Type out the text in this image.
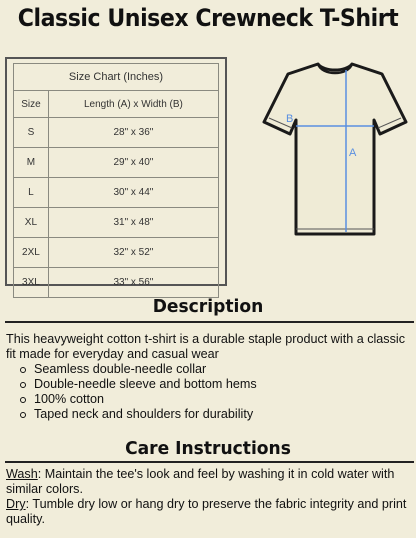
Classic Unisex Crewneck T-Shirt
Size Chart (Inches)	
Size	Length (A) x Width (B)
S	28" x 36"
M	29" x 40"
L	30" x 44"
XL	31" x 48"
2XL	32" x 52"
3XL	33" x 56"
B
A
Description

This heavyweight cotton t-shirt is a durable staple product with a classic fit made for everyday and casual wear

Seamless double-needle collar
Double-needle sleeve and bottom hems
100% cotton
Taped neck and shoulders for durability
Care Instructions

Wash: Maintain the tee's look and feel by washing it in cold water with similar colors.

Dry: Tumble dry low or hang dry to preserve the fabric integrity and print quality.
